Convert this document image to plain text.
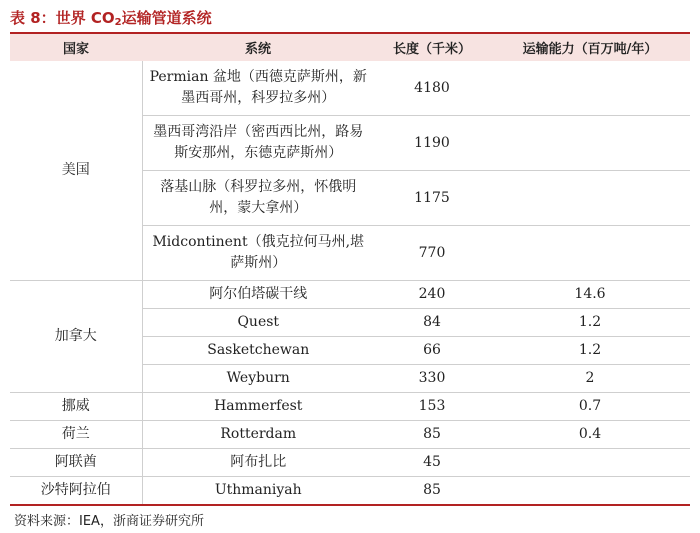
表 8：世界 $CO_2$运输管道系统
国家	系统	长度（千米）	运输能力（百万吨/年）
美国	Permian 盆地（西德克萨斯州，新墨西哥州，科罗拉多州）	4180	
	墨西哥湾沿岸（密西西比州，路易斯安那州，东德克萨斯州）	1190	
	落基山脉（科罗拉多州，怀俄明州，蒙大拿州）	1175	
	Midcontinent（俄克拉何马州,堪萨斯州）	770	
加拿大	阿尔伯塔碳干线	240	14.6
	Quest	84	1.2
	Sasketchewan	66	1.2
	Weyburn	330	2
挪威	Hammerfest	153	0.7
荷兰	Rotterdam	85	0.4
阿联酋	阿布扎比	45	
沙特阿拉伯	Uthmaniyah	85	
资料来源：IEA，浙商证券研究所
